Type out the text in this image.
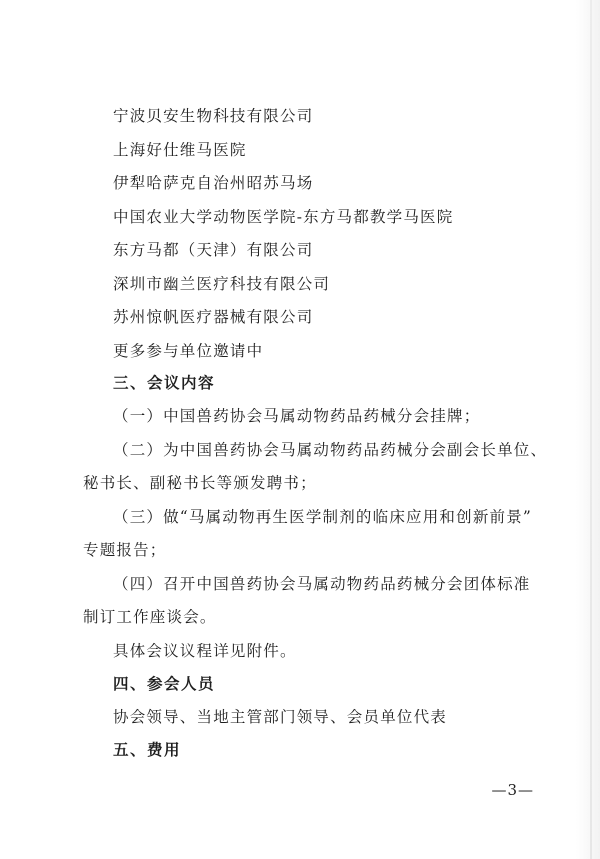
宁波贝安生物科技有限公司
上海好仕维马医院
伊犁哈萨克自治州昭苏马场
中国农业大学动物医学院-东方马都教学马医院
东方马都（天津）有限公司
深圳市幽兰医疗科技有限公司
苏州惊帆医疗器械有限公司
更多参与单位邀请中
三、会议内容
（一）中国兽药协会马属动物药品药械分会挂牌；
（二）为中国兽药协会马属动物药品药械分会副会长单位、
秘书长、副秘书长等颁发聘书；
（三）做“马属动物再生医学制剂的临床应用和创新前景”
专题报告；
（四）召开中国兽药协会马属动物药品药械分会团体标准
制订工作座谈会。
具体会议议程详见附件。
四、参会人员
协会领导、当地主管部门领导、会员单位代表
五、费用
—3—
